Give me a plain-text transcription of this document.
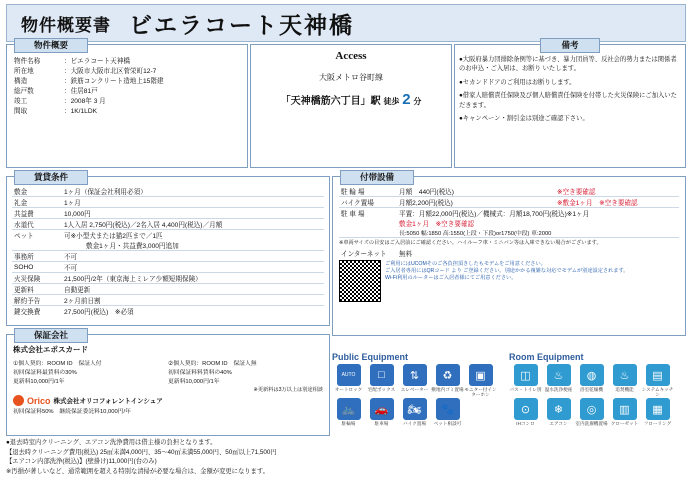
物件概要書 ビエラコート天神橋
物件名称	：ビエラコート天神橋
所在地	：大阪市大阪市北区菅栄町12-7
構造	：鉄筋コンクリート造地上15階建
総戸数	：住居81戸
竣工	：2008年 3 月
間取	：1K/1LDK
物件概要
Access
大阪メトロ谷町線
「天神橋筋六丁目」駅 徒歩 2 分
●大阪府暴力団排除条例等に基づき、暴力団員等、反社会的勢力または関係者のお申込・ご入居は、お断り いたします。
●セカンドドアのご利用はお断りします。
●借家人賠償責任保険及び個人賠償責任保険を付帯した火災保険にご加入いただきます。
●キャンペーン・割引金は別途ご確認下さい。
備考
敷金	1ヶ月（保証会社利用必須）
礼金	1ヶ月
共益費	10,000円
水道代	1人入居 2,750円(税込)／2名入居 4,400円(税込)／月額
ペット	可※小型犬または猫2匹まで／1匹
	敷金1ヶ月・共益費3,000円追加
事務所	不可
SOHO	不可
火災保険	21,500円/2年（東京海上ミレア少額短期保険）
更新料	自動更新
解約予告	2ヶ月前日割
鍵交換費	27,500円(税込)　※必須
賃貸条件
株式会社エポスカード
①個人契約：ROOM ID　保証人付
初回保証料最賃料の30%
更新料10,000円/1年
②個人契約：ROOM ID　保証人無
初回保証料料賃料の40%
更新料10,000円/1年
※更新料は3万以上は別途相談
Orico 株式会社オリコフォレントインシュア
初回保証料50%　継続保証委託料10,000円/年
保証会社
駐 輪 場	月額　440円(税込)	※空き要確認
バイク置場	月額2,200円(税込)	※敷金1ヶ月　※空き要確認
駐 車 場	平置：月額22,000円(税込)／機械式：月額18,700円(税込)※1ヶ月	
	敷金1ヶ月　※空き要確認	
	長:5050 幅:1850 高:1550(上段・下段)or1750(中段) 車:2000	
※車両サイズの目安はご入居前にご確認ください。ハイルーフ車・ミニバン等は入庫できない場合がございます。
インターネット	無料
ご利用にはUCOMそのご各負担頂きしたもモデムをご用意ください。
ご入居者専用にはQRコード より ご登録ください。別途かかる複雑な対応でモデムが別途設定されます。
Wi-Fi利用のルーターはご入居者様にてご用意ください。
付帯設備
Public Equipment
AUTO
オートロック
□
宅配ボックス
⇅
エレベーター
♻
敷地内ゴミ置場
▣
モニター付インターホン
🚲
駐輪場
🚗
駐車場
🏍
バイク置場
🐾
ペット相談可
Room Equipment
◫
バス・トイレ別
♨
温水洗浄便座
◍
浴室乾燥機
♨
追焚機能
▤
システムキッチン
⊙
IHコンロ
❄
エアコン
◎
室内洗濯機置場
▥
クローゼット
▦
フローリング
●退去時室内クリーニング、エアコン洗浄費用は借主様の負担となります。
【退去時クリーニング費用(税込) 25㎡未満4,000円、35～40㎡未満55,000円、50㎡以上71,500円
【エアコン内部洗浄(税込)】(壁掛け)11,000円(台のみ)
※汚損が著しいなど、通常範囲を超える特別な清掃が必要な場合は、金額が変更になります。
